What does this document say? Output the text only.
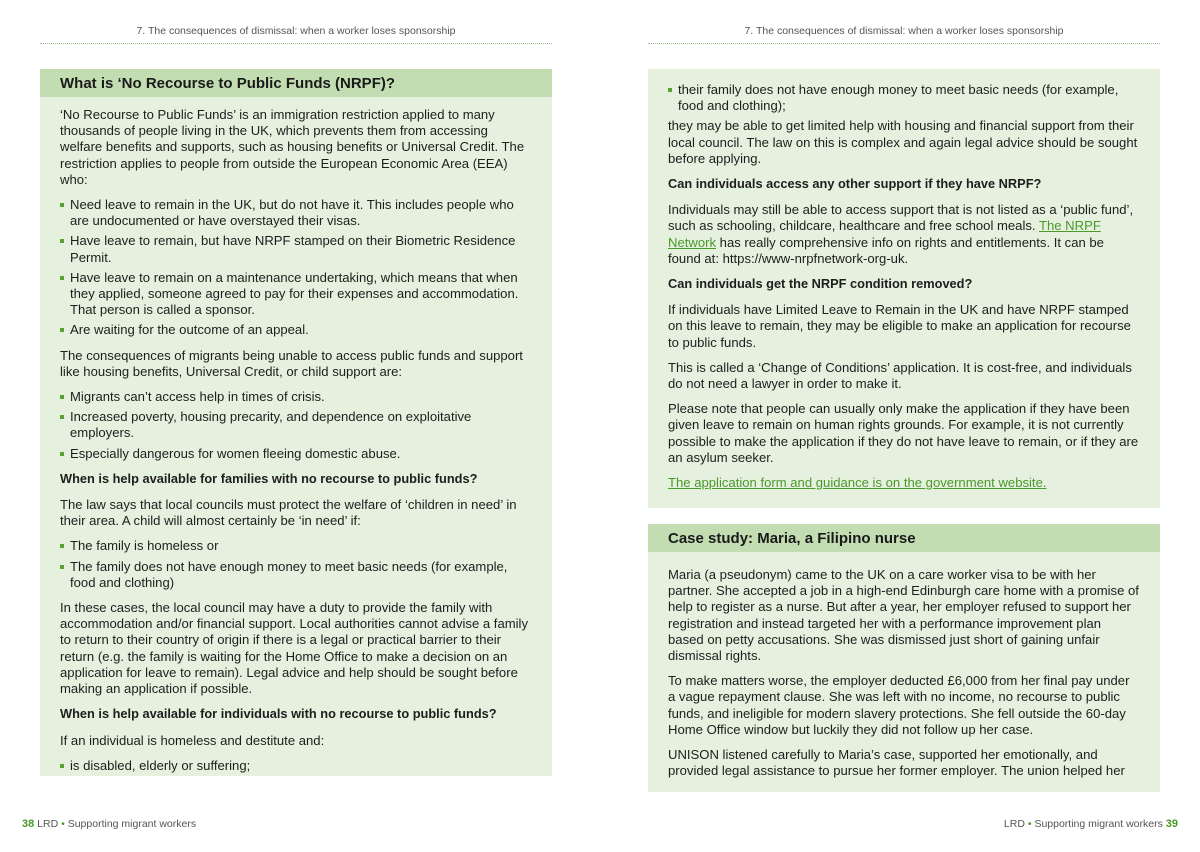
7. The consequences of dismissal: when a worker loses sponsorship
What is ‘No Recourse to Public Funds (NRPF)?

‘No Recourse to Public Funds’ is an immigration restriction applied to many thousands of people living in the UK, which prevents them from accessing welfare benefits and supports, such as housing benefits or Universal Credit. The restriction applies to people from outside the European Economic Area (EEA) who:

Need leave to remain in the UK, but do not have it. This includes people who are undocumented or have overstayed their visas.
Have leave to remain, but have NRPF stamped on their Biometric Residence Permit.
Have leave to remain on a maintenance undertaking, which means that when they applied, someone agreed to pay for their expenses and accommodation. That person is called a sponsor.
Are waiting for the outcome of an appeal.

The consequences of migrants being unable to access public funds and support like housing benefits, Universal Credit, or child support are:

Migrants can’t access help in times of crisis.
Increased poverty, housing precarity, and dependence on exploitative employers.
Especially dangerous for women fleeing domestic abuse.

When is help available for families with no recourse to public funds?

The law says that local councils must protect the welfare of ‘children in need’ in their area. A child will almost certainly be ‘in need’ if:

The family is homeless or
The family does not have enough money to meet basic needs (for example, food and clothing)

In these cases, the local council may have a duty to provide the family with accommodation and/or financial support. Local authorities cannot advise a family to return to their country of origin if there is a legal or practical barrier to their return (e.g. the family is waiting for the Home Office to make a decision on an application for leave to remain). Legal advice and help should be sought before making an application if possible.

When is help available for individuals with no recourse to public funds?

If an individual is homeless and destitute and:

is disabled, elderly or suffering;
38 LRD • Supporting migrant workers
7. The consequences of dismissal: when a worker loses sponsorship
their family does not have enough money to meet basic needs (for example, food and clothing);

they may be able to get limited help with housing and financial support from their local council. The law on this is complex and again legal advice should be sought before applying.

Can individuals access any other support if they have NRPF?

Individuals may still be able to access support that is not listed as a ‘public fund’, such as schooling, childcare, healthcare and free school meals. The NRPF Network has really comprehensive info on rights and entitlements. It can be found at: https://www-nrpfnetwork-org-uk.

Can individuals get the NRPF condition removed?

If individuals have Limited Leave to Remain in the UK and have NRPF stamped on this leave to remain, they may be eligible to make an application for recourse to public funds.

This is called a ‘Change of Conditions’ application. It is cost-free, and individuals do not need a lawyer in order to make it.

Please note that people can usually only make the application if they have been given leave to remain on human rights grounds. For example, it is not currently possible to make the application if they do not have leave to remain, or if they are an asylum seeker.

The application form and guidance is on the government website.

Case study: Maria, a Filipino nurse

Maria (a pseudonym) came to the UK on a care worker visa to be with her partner. She accepted a job in a high-end Edinburgh care home with a promise of help to register as a nurse. But after a year, her employer refused to support her registration and instead targeted her with a performance improvement plan based on petty accusations. She was dismissed just short of gaining unfair dismissal rights.

To make matters worse, the employer deducted £6,000 from her final pay under a vague repayment clause. She was left with no income, no recourse to public funds, and ineligible for modern slavery protections. She fell outside the 60-day Home Office window but luckily they did not follow up her case.

UNISON listened carefully to Maria’s case, supported her emotionally, and provided legal assistance to pursue her former employer. The union helped her

LRD • Supporting migrant workers 39
